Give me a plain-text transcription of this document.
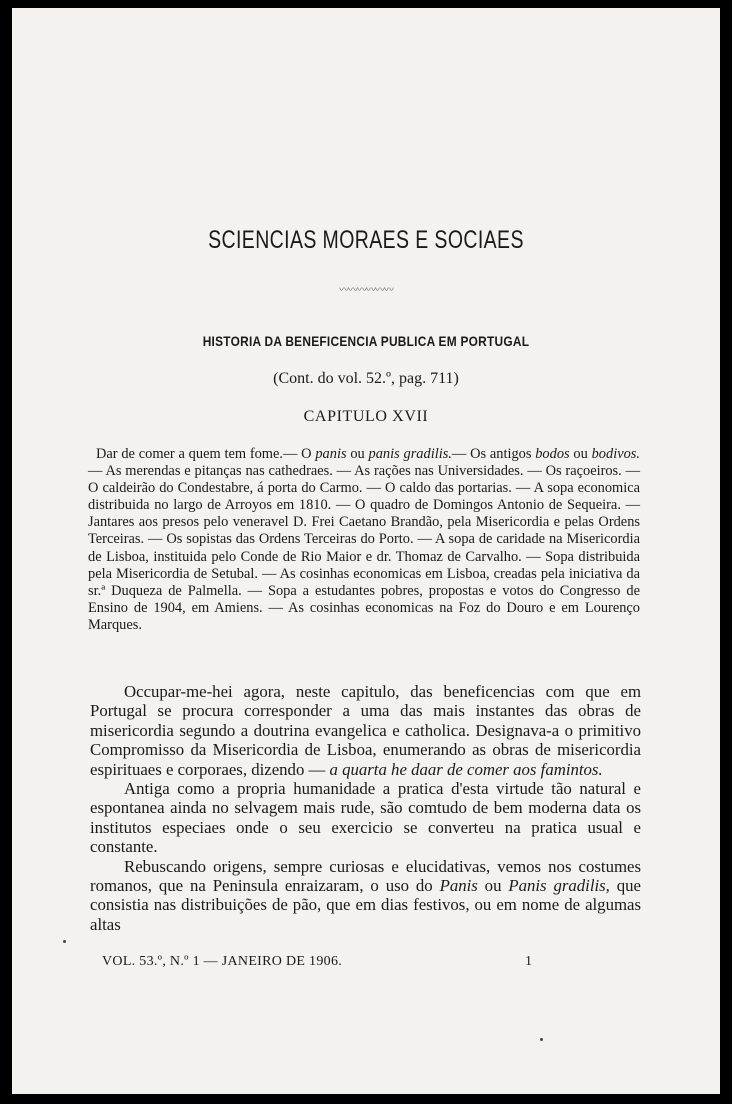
SCIENCIAS MORAES E SOCIAES
〰〰〰〰〰〰
HISTORIA DA BENEFICENCIA PUBLICA EM PORTUGAL
(Cont. do vol. 52.º, pag. 711)
CAPITULO XVII

Dar de comer a quem tem fome.— O panis ou panis gradilis.— Os antigos bodos ou bodivos. — As merendas e pitanças nas cathedraes. — As rações nas Universidades. — Os raçoeiros. — O caldeirão do Condestabre, á porta do Carmo. — O caldo das portarias. — A sopa economica distribuida no largo de Arroyos em 1810. — O quadro de Domingos Antonio de Sequeira. — Jantares aos presos pelo veneravel D. Frei Caetano Brandão, pela Misericordia e pelas Ordens Terceiras. — Os sopistas das Ordens Terceiras do Porto. — A sopa de caridade na Misericordia de Lisboa, instituida pelo Conde de Rio Maior e dr. Thomaz de Carvalho. — Sopa distribuida pela Misericordia de Setubal. — As cosinhas economicas em Lisboa, creadas pela iniciativa da sr.ª Duqueza de Palmella. — Sopa a estudantes pobres, propostas e votos do Congresso de Ensino de 1904, em Amiens. — As cosinhas economicas na Foz do Douro e em Lourenço Marques.

Occupar-me-hei agora, neste capitulo, das beneficencias com que em Portugal se procura corresponder a uma das mais instantes das obras de misericordia segundo a doutrina evangelica e catholica. Designava-a o primitivo Compromisso da Misericordia de Lisboa, enumerando as obras de misericordia espirituaes e corporaes, dizendo — a quarta he daar de comer aos famintos.

Antiga como a propria humanidade a pratica d'esta virtude tão natural e espontanea ainda no selvagem mais rude, são comtudo de bem moderna data os institutos especiaes onde o seu exercicio se converteu na pratica usual e constante.

Rebuscando origens, sempre curiosas e elucidativas, vemos nos costumes romanos, que na Peninsula enraizaram, o uso do Panis ou Panis gradilis, que consistia nas distribuições de pão, que em dias festivos, ou em nome de algumas altas

VOL. 53.º, N.º 1 — JANEIRO DE 1906.	1
